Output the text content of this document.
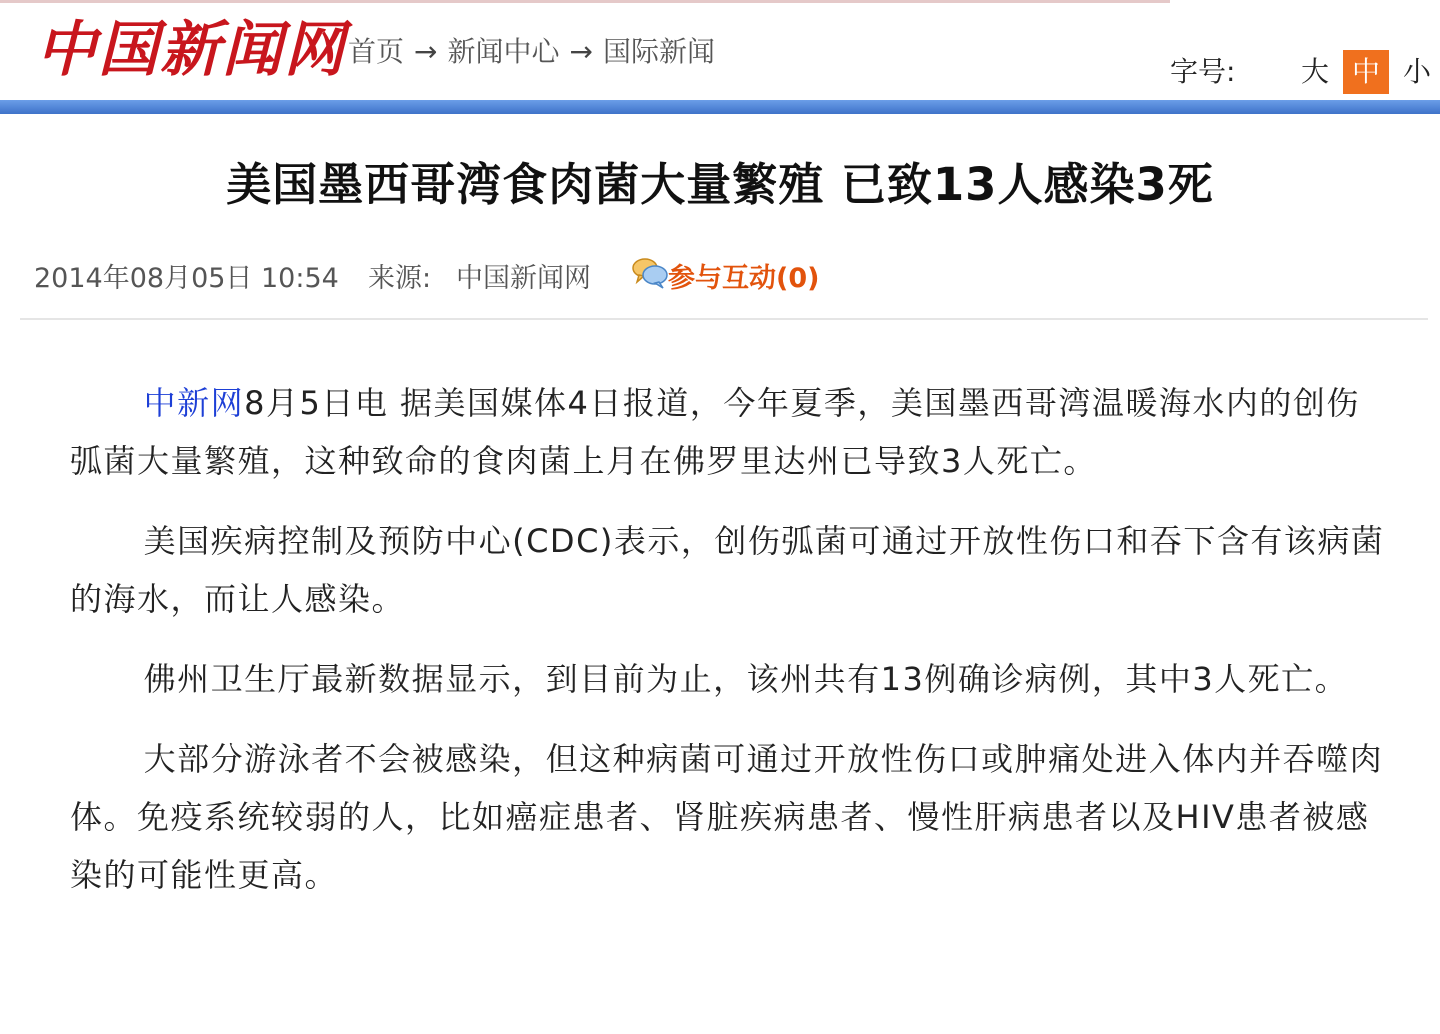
中国新闻网 首页 → 新闻中心 → 国际新闻
字号:	大 中 小
美国墨西哥湾食肉菌大量繁殖 已致13人感染3死
2014年08月05日 10:54 来源: 中国新闻网	参与互动(0)

中新网8月5日电 据美国媒体4日报道，今年夏季，美国墨西哥湾温暖海水内的创伤弧菌大量繁殖，这种致命的食肉菌上月在佛罗里达州已导致3人死亡。

美国疾病控制及预防中心(CDC)表示，创伤弧菌可通过开放性伤口和吞下含有该病菌的海水，而让人感染。

佛州卫生厅最新数据显示，到目前为止，该州共有13例确诊病例，其中3人死亡。

大部分游泳者不会被感染，但这种病菌可通过开放性伤口或肿痛处进入体内并吞噬肉体。免疫系统较弱的人，比如癌症患者、肾脏疾病患者、慢性肝病患者以及HIV患者被感染的可能性更高。
